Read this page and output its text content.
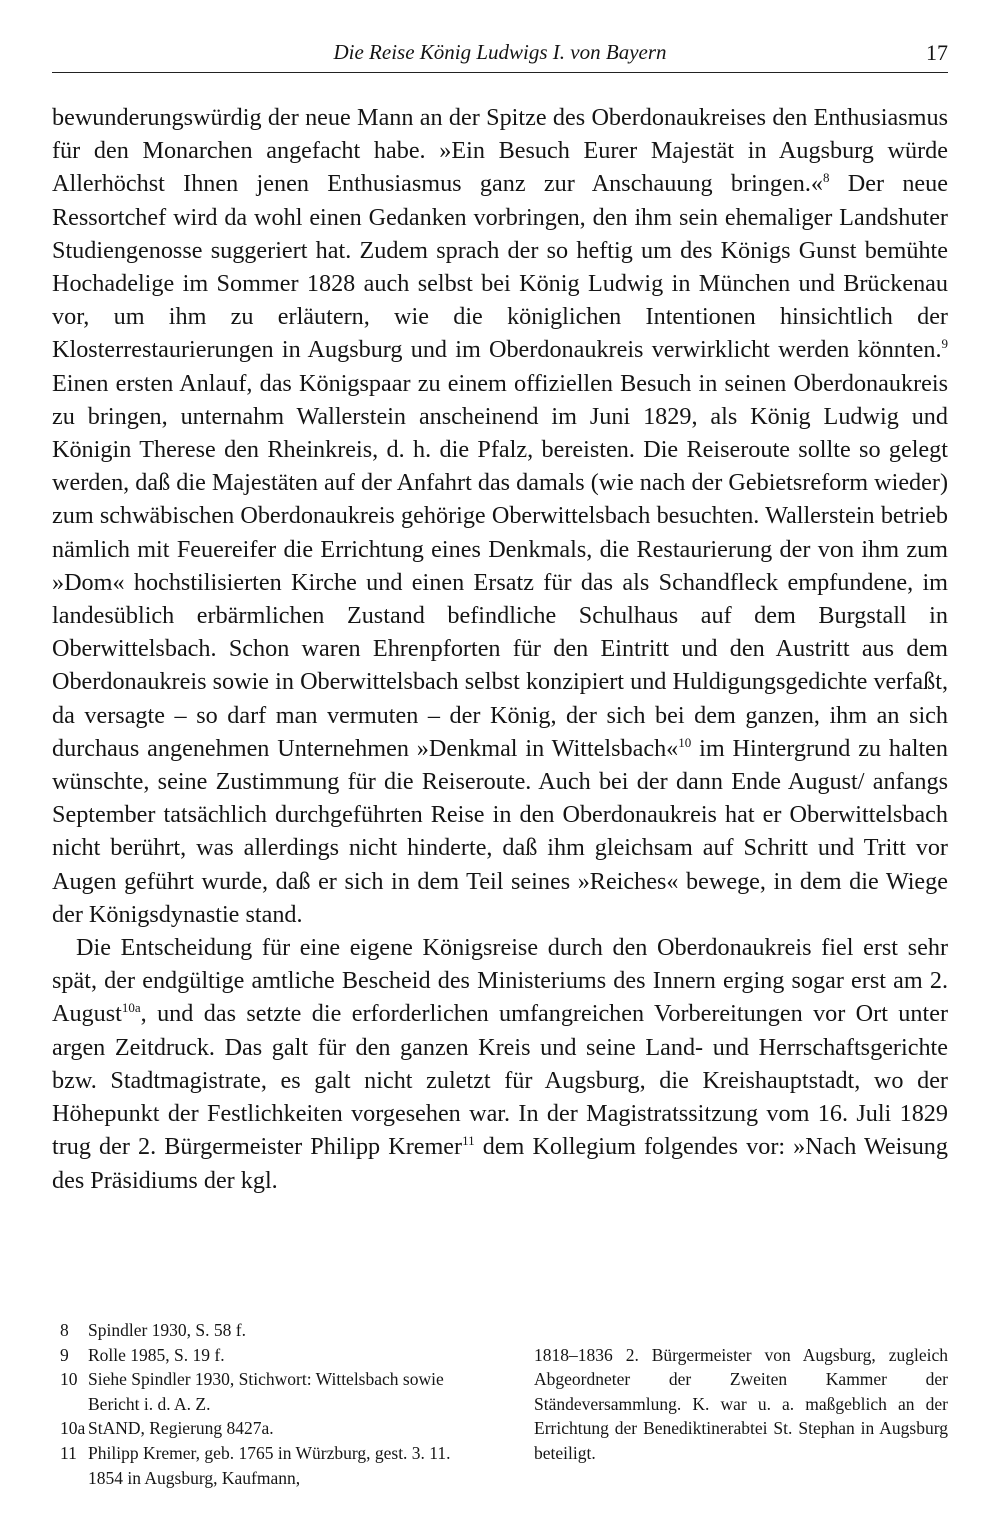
Die Reise König Ludwigs I. von Bayern	17

bewunderungswürdig der neue Mann an der Spitze des Oberdonaukreises den Enthusiasmus für den Monarchen angefacht habe. »Ein Besuch Eurer Majestät in Augsburg würde Allerhöchst Ihnen jenen Enthusiasmus ganz zur Anschauung bringen.«$^8$ Der neue Ressortchef wird da wohl einen Gedanken vorbringen, den ihm sein ehemaliger Landshuter Studiengenosse suggeriert hat. Zudem sprach der so heftig um des Königs Gunst bemühte Hochadelige im Sommer 1828 auch selbst bei König Ludwig in München und Brückenau vor, um ihm zu erläutern, wie die königlichen Intentionen hinsichtlich der Klosterrestaurierungen in Augsburg und im Oberdonaukreis verwirklicht werden könnten.$^9$ Einen ersten Anlauf, das Königspaar zu einem offiziellen Besuch in seinen Oberdonaukreis zu bringen, unternahm Wallerstein anscheinend im Juni 1829, als König Ludwig und Königin Therese den Rheinkreis, d. h. die Pfalz, bereisten. Die Reiseroute sollte so gelegt werden, daß die Majestäten auf der Anfahrt das damals (wie nach der Gebietsreform wieder) zum schwäbischen Oberdonaukreis gehörige Oberwittelsbach besuchten. Wallerstein betrieb nämlich mit Feuereifer die Errichtung eines Denkmals, die Restaurierung der von ihm zum »Dom« hochstilisierten Kirche und einen Ersatz für das als Schandfleck empfundene, im landesüblich erbärmlichen Zustand befindliche Schulhaus auf dem Burgstall in Oberwittelsbach. Schon waren Ehrenpforten für den Eintritt und den Austritt aus dem Oberdonaukreis sowie in Oberwittelsbach selbst konzipiert und Huldigungsgedichte verfaßt, da versagte – so darf man vermuten – der König, der sich bei dem ganzen, ihm an sich durchaus angenehmen Unternehmen »Denkmal in Wittelsbach«$^{10}$ im Hintergrund zu halten wünschte, seine Zustimmung für die Reiseroute. Auch bei der dann Ende August/ anfangs September tatsächlich durchgeführten Reise in den Oberdonaukreis hat er Oberwittelsbach nicht berührt, was allerdings nicht hinderte, daß ihm gleichsam auf Schritt und Tritt vor Augen geführt wurde, daß er sich in dem Teil seines »Reiches« bewege, in dem die Wiege der Königsdynastie stand.

Die Entscheidung für eine eigene Königsreise durch den Oberdonaukreis fiel erst sehr spät, der endgültige amtliche Bescheid des Ministeriums des Innern erging sogar erst am 2. August$^{10a}$, und das setzte die erforderlichen umfangreichen Vorbereitungen vor Ort unter argen Zeitdruck. Das galt für den ganzen Kreis und seine Land- und Herrschaftsgerichte bzw. Stadtmagistrate, es galt nicht zuletzt für Augsburg, die Kreishauptstadt, wo der Höhepunkt der Festlichkeiten vorgesehen war. In der Magistratssitzung vom 16. Juli 1829 trug der 2. Bürgermeister Philipp Kremer$^{11}$ dem Kollegium folgendes vor: »Nach Weisung des Präsidiums der kgl.

8	Spindler 1930, S. 58 f.
9	Rolle 1985, S. 19 f.
10 Siehe Spindler 1930, Stichwort: Wittelsbach sowie Bericht i. d. A. Z.
10a StAND, Regierung 8427a.
11 Philipp Kremer, geb. 1765 in Würzburg, gest. 3. 11. 1854 in Augsburg, Kaufmann,
1818–1836 2. Bürgermeister von Augsburg, zugleich Abgeordneter der Zweiten Kammer der Ständeversammlung. K. war u. a. maßgeblich an der Errichtung der Benediktinerabtei St. Stephan in Augsburg beteiligt.
